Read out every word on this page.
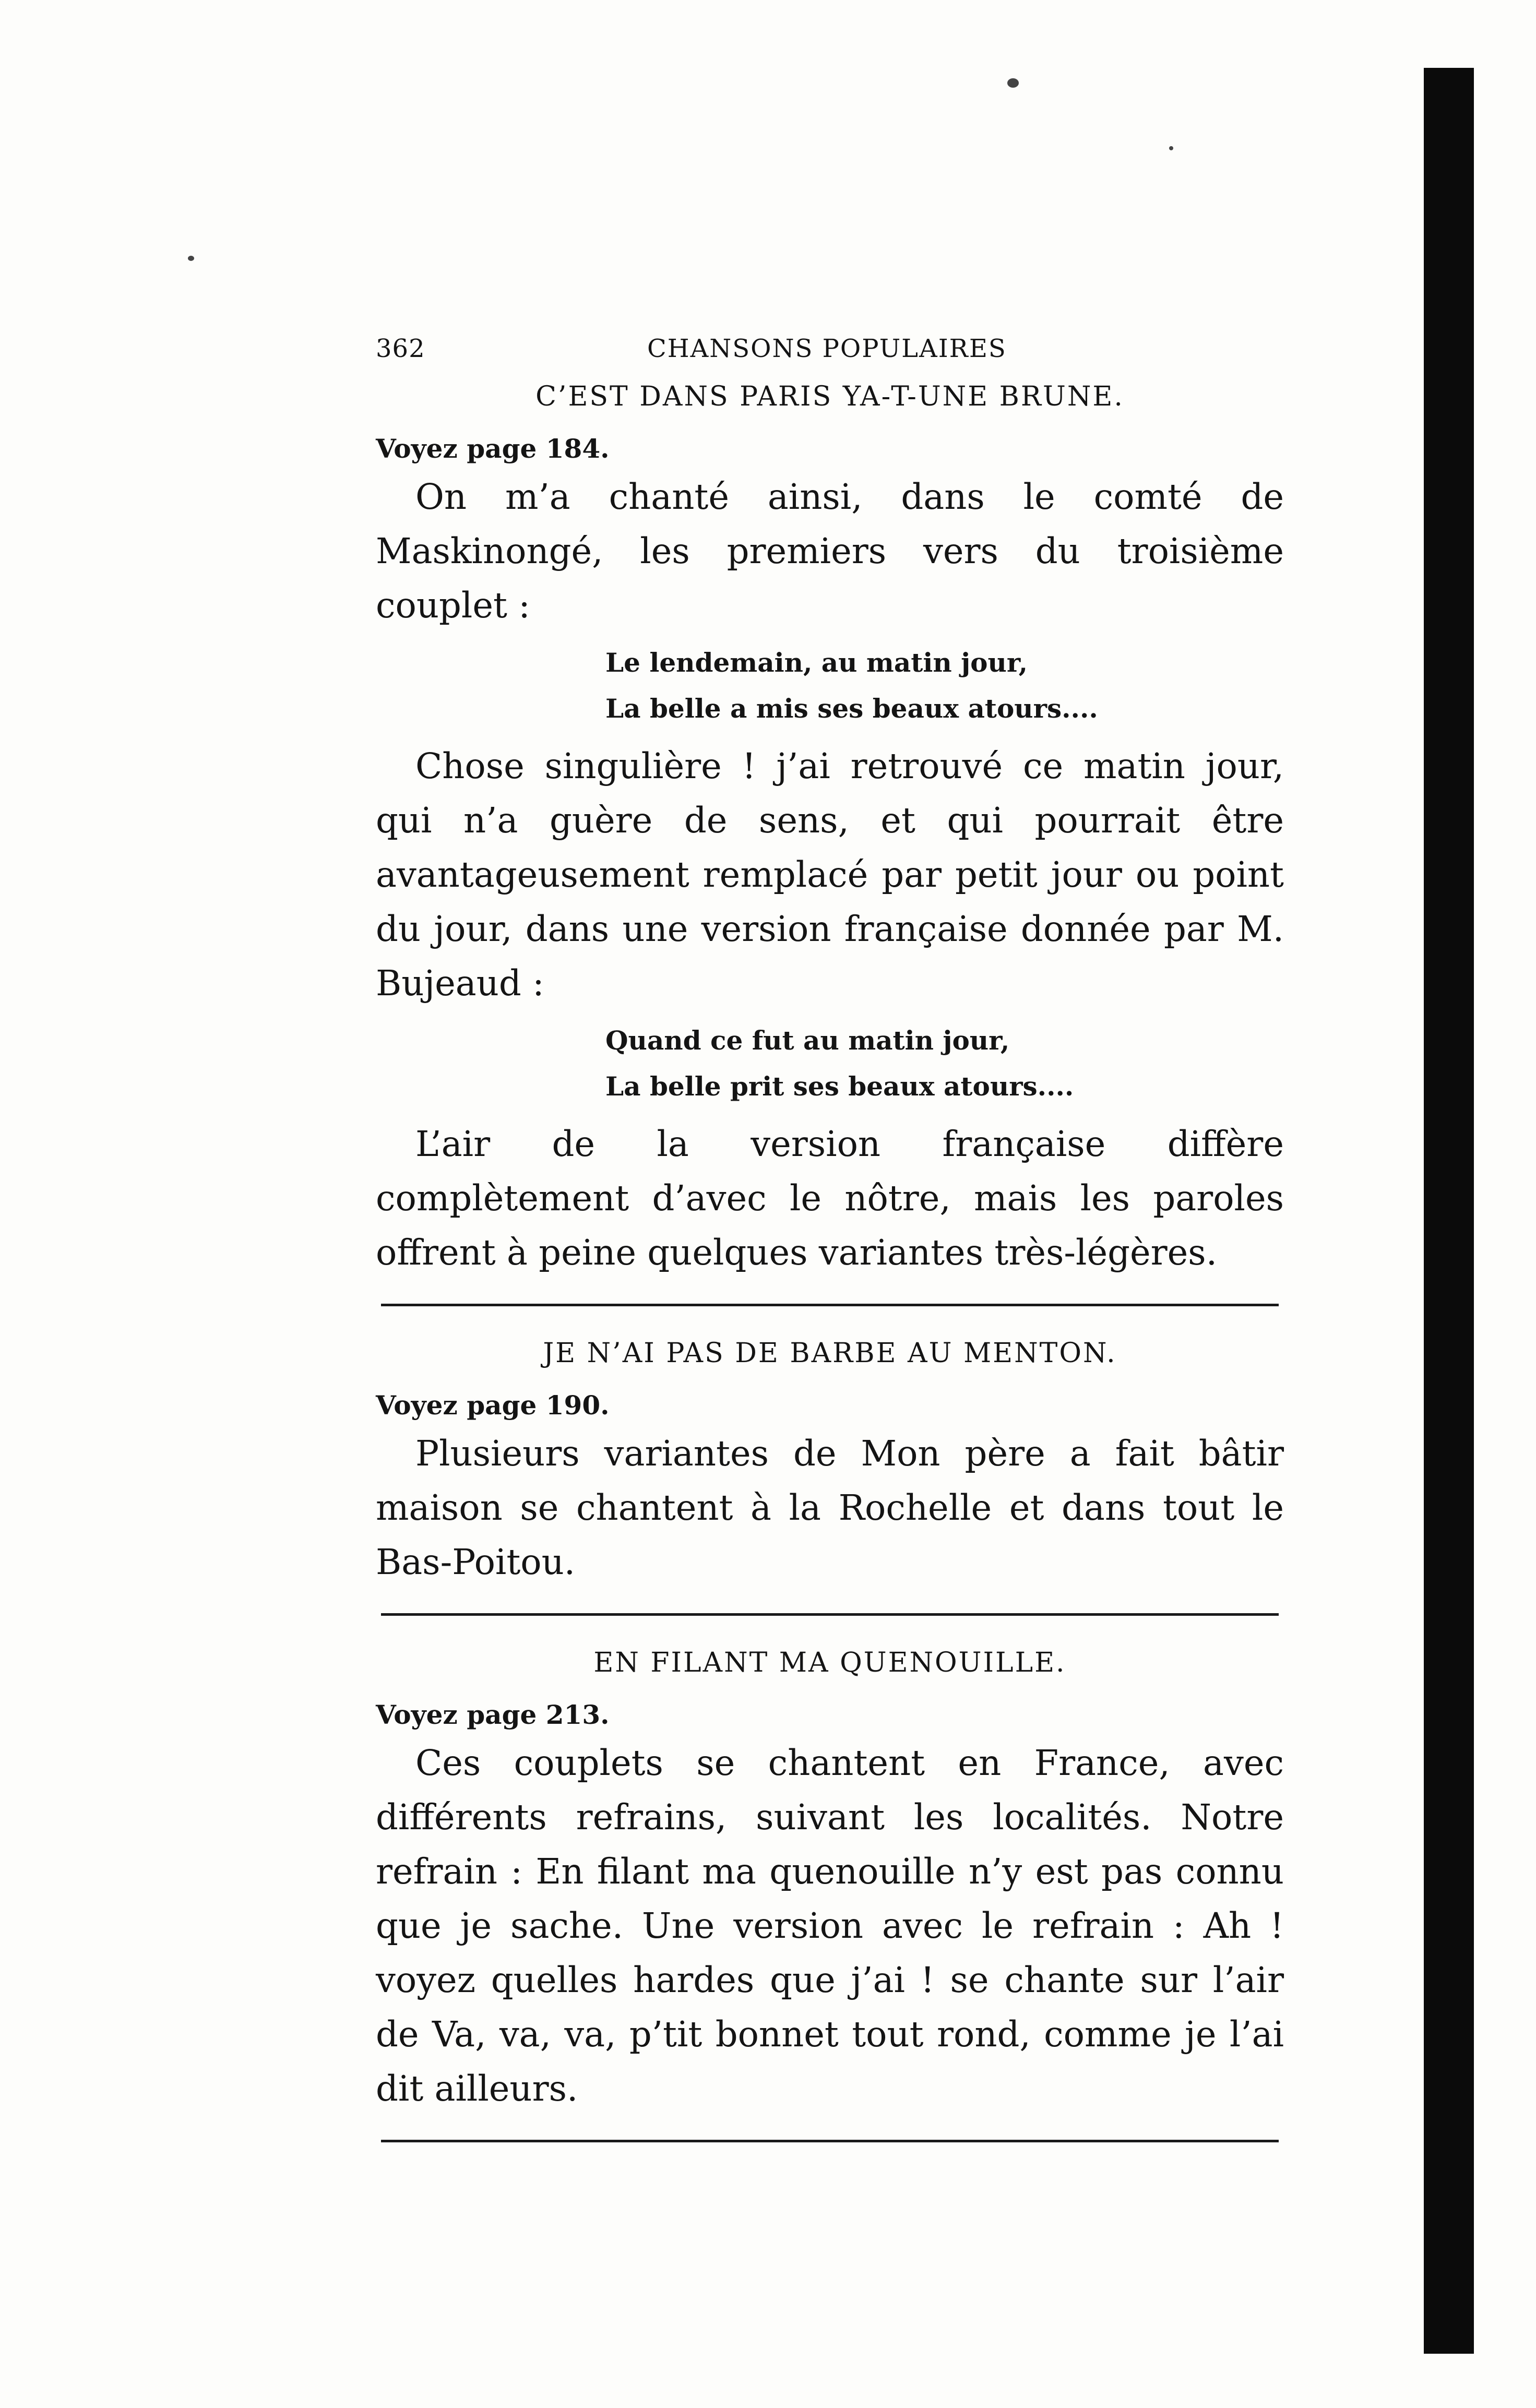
362	CHANSONS POPULAIRES

C’EST DANS PARIS YA-T-UNE BRUNE.

Voyez page 184.

On m’a chanté ainsi, dans le comté de Maskinongé, les premiers vers du troisième couplet :

Le lendemain, au matin jour,
La belle a mis ses beaux atours....

Chose singulière ! j’ai retrouvé ce matin jour, qui n’a guère de sens, et qui pourrait être avantageusement remplacé par petit jour ou point du jour, dans une version française donnée par M. Bujeaud :

Quand ce fut au matin jour,
La belle prit ses beaux atours....

L’air de la version française diffère complètement d’avec le nôtre, mais les paroles offrent à peine quelques variantes très-légères.

JE N’AI PAS DE BARBE AU MENTON.

Voyez page 190.

Plusieurs variantes de Mon père a fait bâtir maison se chantent à la Rochelle et dans tout le Bas-Poitou.

EN FILANT MA QUENOUILLE.

Voyez page 213.

Ces couplets se chantent en France, avec différents refrains, suivant les localités. Notre refrain : En filant ma quenouille n’y est pas connu que je sache. Une version avec le refrain : Ah ! voyez quelles hardes que j’ai ! se chante sur l’air de Va, va, va, p’tit bonnet tout rond, comme je l’ai dit ailleurs.
